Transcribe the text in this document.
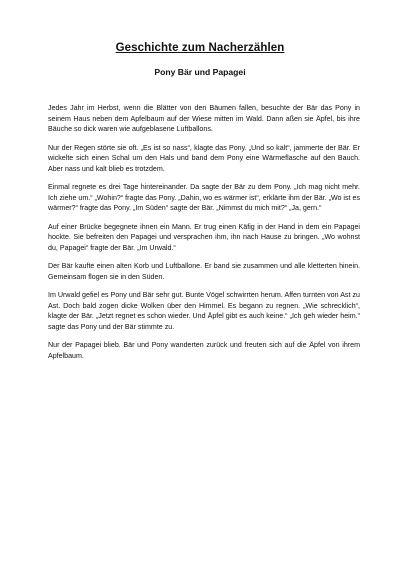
Geschichte zum Nacherzählen
Pony Bär und Papagei

Jedes Jahr im Herbst, wenn die Blätter von den Bäumen fallen, besuchte der Bär das Pony in seinem Haus neben dem Apfelbaum auf der Wiese mitten im Wald. Dann aßen sie Äpfel, bis ihre Bäuche so dick waren wie aufgeblasene Luftballons.

Nur der Regen störte sie oft. „Es ist so nass“, klagte das Pony. „Und so kalt“, jammerte der Bär. Er wickelte sich einen Schal um den Hals und band dem Pony eine Wärmeflasche auf den Bauch. Aber nass und kalt blieb es trotzdem.

Einmal regnete es drei Tage hintereinander. Da sagte der Bär zu dem Pony. „Ich mag nicht mehr. Ich ziehe um.“ „Wohin?“ fragte das Pony. „Dahin, wo es wärmer ist“, erklärte ihm der Bär. „Wo ist es wärmer?“ fragte das Pony. „Im Süden“ sagte der Bär. „Nimmst du mich mit?“ „Ja, gern.“

Auf einer Brücke begegnete ihnen ein Mann. Er trug einen Käfig in der Hand in dem ein Papagei hockte. Sie befreiten den Papagei und versprachen ihm, ihn nach Hause zu bringen. „Wo wohnst du, Papagei“ fragte der Bär. „Im Urwald.“

Der Bär kaufte einen alten Korb und Luftballone. Er band sie zusammen und alle kletterten hinein. Gemeinsam flogen sie in den Süden.

Im Urwald gefiel es Pony und Bär sehr gut. Bunte Vögel schwirrten herum. Affen turnten von Ast zu Ast. Doch bald zogen dicke Wolken über den Himmel. Es begann zu regnen. „Wie schrecklich“, klagte der Bär. „Jetzt regnet es schon wieder. Und Äpfel gibt es auch keine.“ „Ich geh wieder heim.“ sagte das Pony und der Bär stimmte zu.

Nur der Papagei blieb. Bär und Pony wanderten zurück und freuten sich auf die Äpfel von ihrem Apfelbaum.
